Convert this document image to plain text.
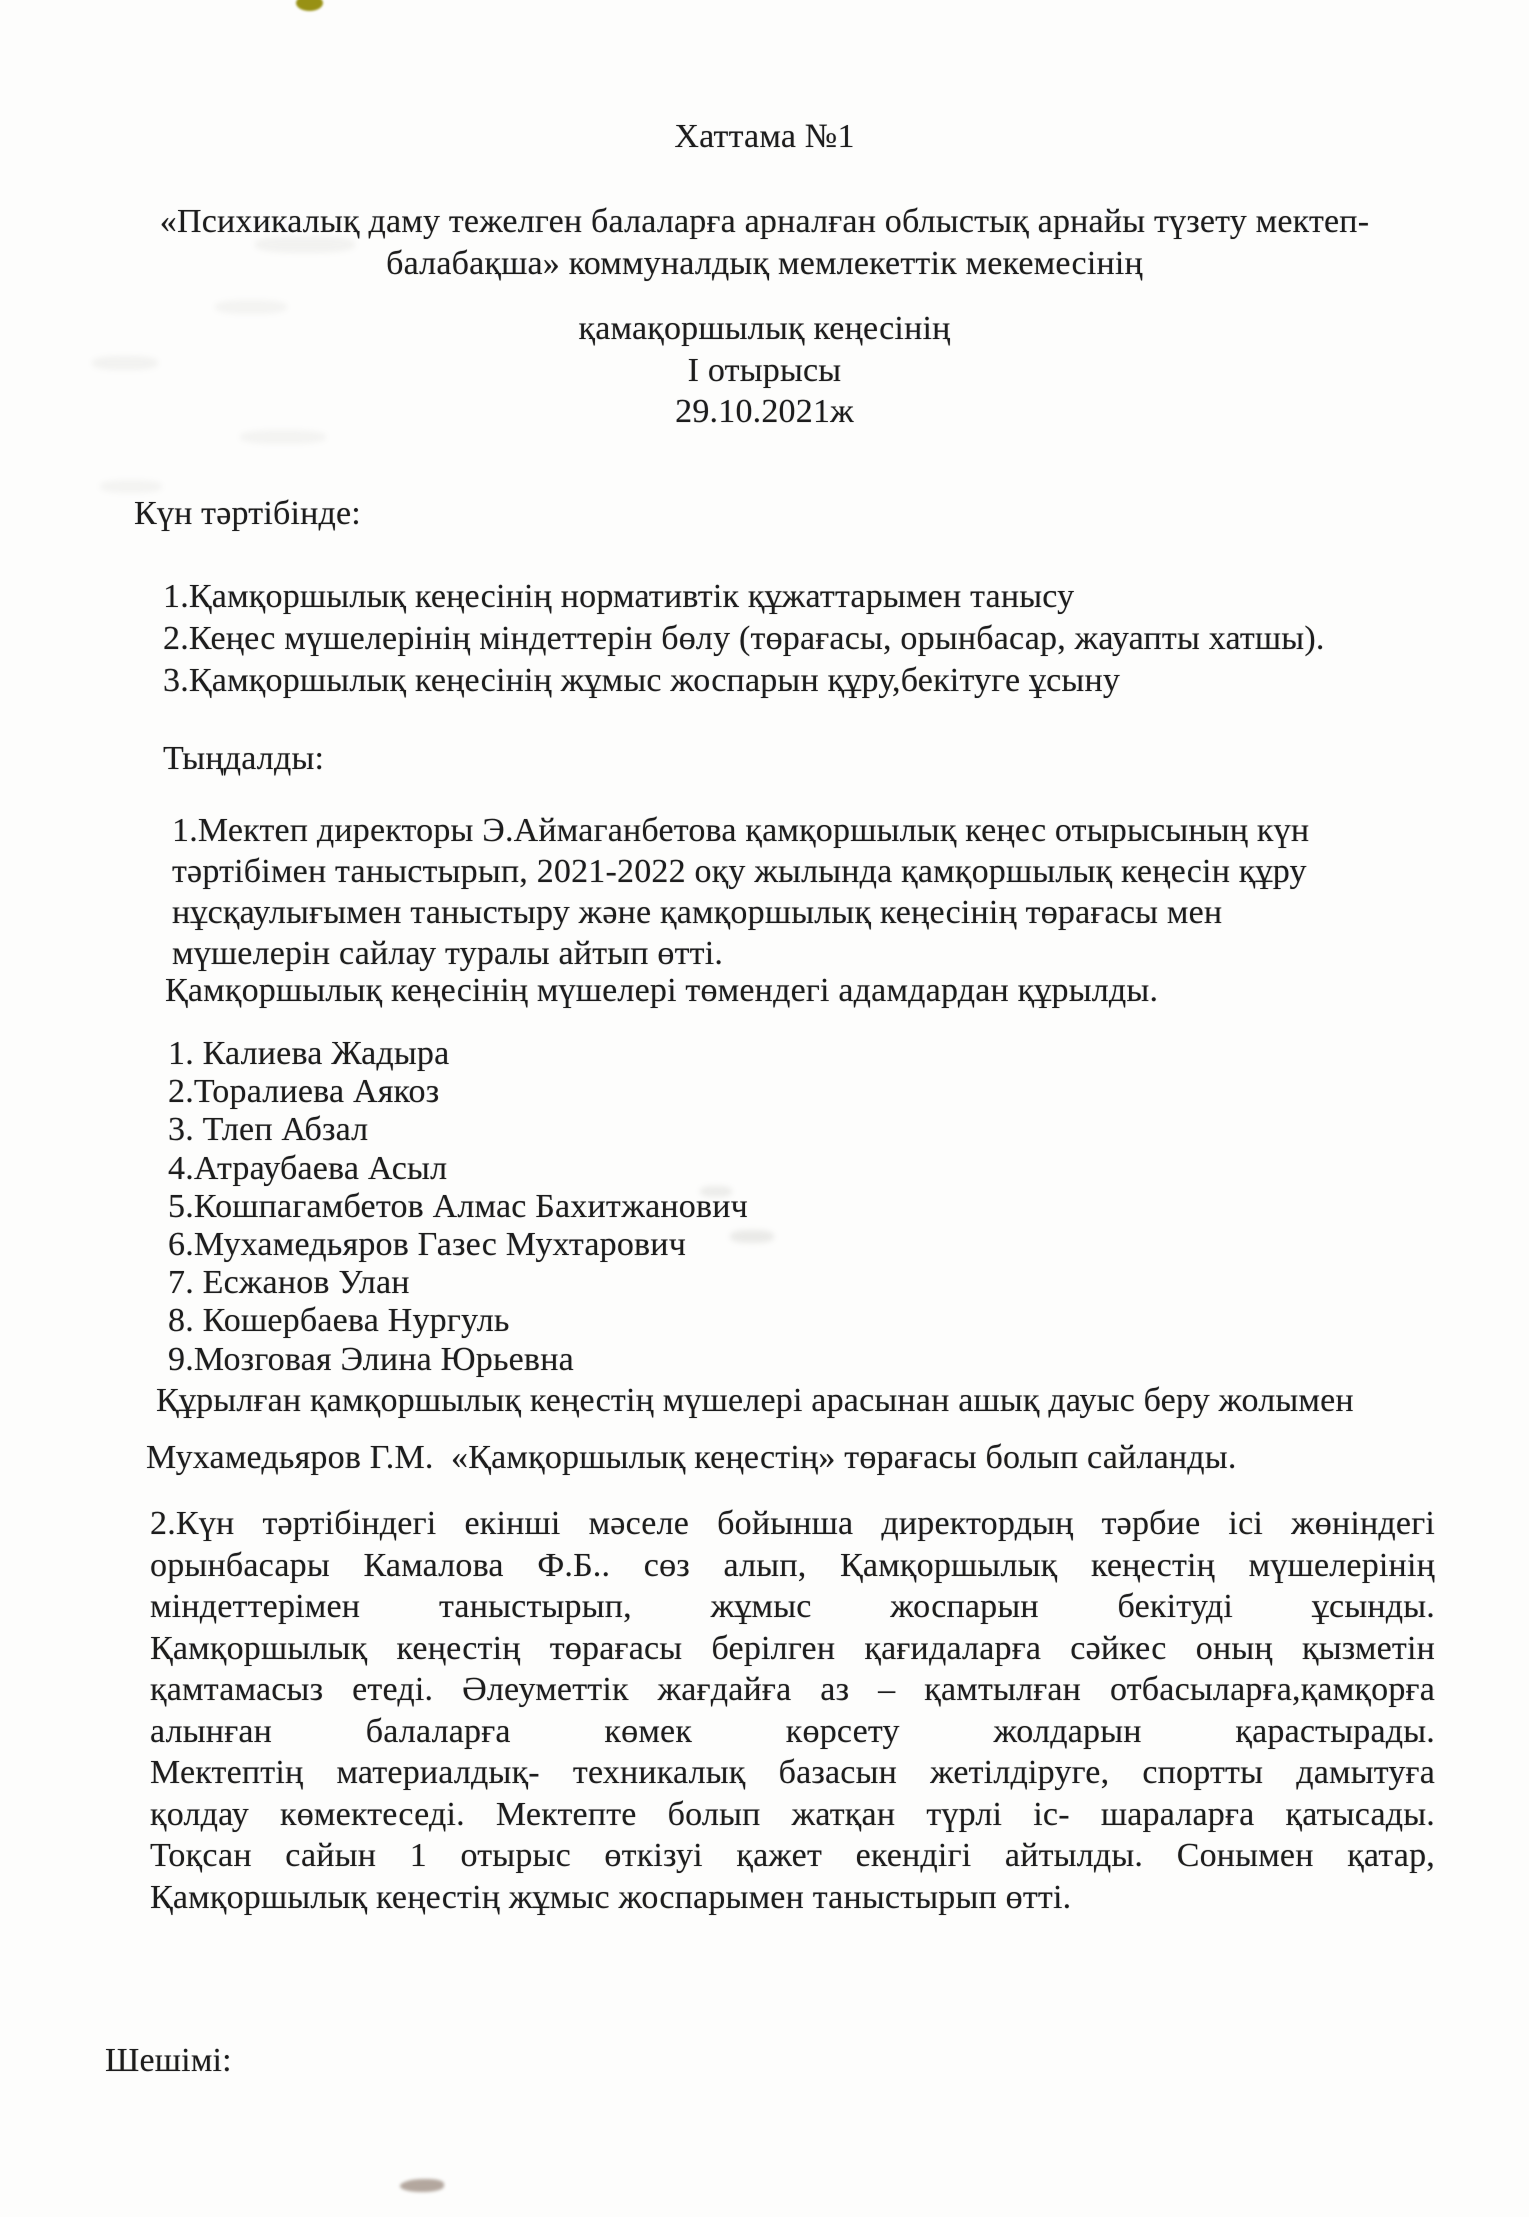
Хаттама №1
«Психикалық даму тежелген балаларға арналған облыстық арнайы түзету мектеп-
балабақша» коммуналдық мемлекеттік мекемесінің
қамақоршылық кеңесінің
I отырысы
29.10.2021ж
Күн тәртібінде:
1.Қамқоршылық кеңесінің нормативтік құжаттарымен танысу
2.Кеңес мүшелерінің міндеттерін бөлу (төрағасы, орынбасар, жауапты хатшы).
3.Қамқоршылық кеңесінің жұмыс жоспарын құру,бекітуге ұсыну
Тыңдалды:
1.Мектеп директоры Э.Аймаганбетова қамқоршылық кеңес отырысының күн
тәртібімен таныстырып, 2021-2022 оқу жылында қамқоршылық кеңесін құру
нұсқаулығымен таныстыру және қамқоршылық кеңесінің төрағасы мен
мүшелерін сайлау туралы айтып өтті.
Қамқоршылық кеңесінің мүшелері төмендегі адамдардан құрылды.
1. Калиева Жадыра
2.Торалиева Аякоз
3. Тлеп Абзал
4.Атраубаева Асыл
5.Кошпагамбетов Алмас Бахитжанович
6.Мухамедьяров Газес Мухтарович
7. Есжанов Улан
8. Кошербаева Нургуль
9.Мозговая Элина Юрьевна
Құрылған қамқоршылық кеңестің мүшелері арасынан ашық дауыс беру жолымен
Мухамедьяров Г.М.  «Қамқоршылық кеңестің» төрағасы болып сайланды.
2.Күн тәртібіндегі екінші мәселе бойынша директордың тәрбие ісі жөніндегі
орынбасары Камалова Ф.Б.. сөз алып, Қамқоршылық кеңестің мүшелерінің
міндеттерімен таныстырып, жұмыс жоспарын бекітуді ұсынды.
Қамқоршылық кеңестің төрағасы берілген қағидаларға сәйкес оның қызметін
қамтамасыз етеді. Әлеуметтік жағдайға аз – қамтылған отбасыларға,қамқорға
алынған балаларға көмек көрсету жолдарын қарастырады.
Мектептің материалдық- техникалық базасын жетілдіруге, спортты дамытуға
қолдау көмектеседі. Мектепте болып жатқан түрлі іс- шараларға қатысады.
Тоқсан сайын 1 отырыс өткізуі қажет екендігі айтылды. Сонымен қатар,
Қамқоршылық кеңестің жұмыс жоспарымен таныстырып өтті.
Шешімі:
